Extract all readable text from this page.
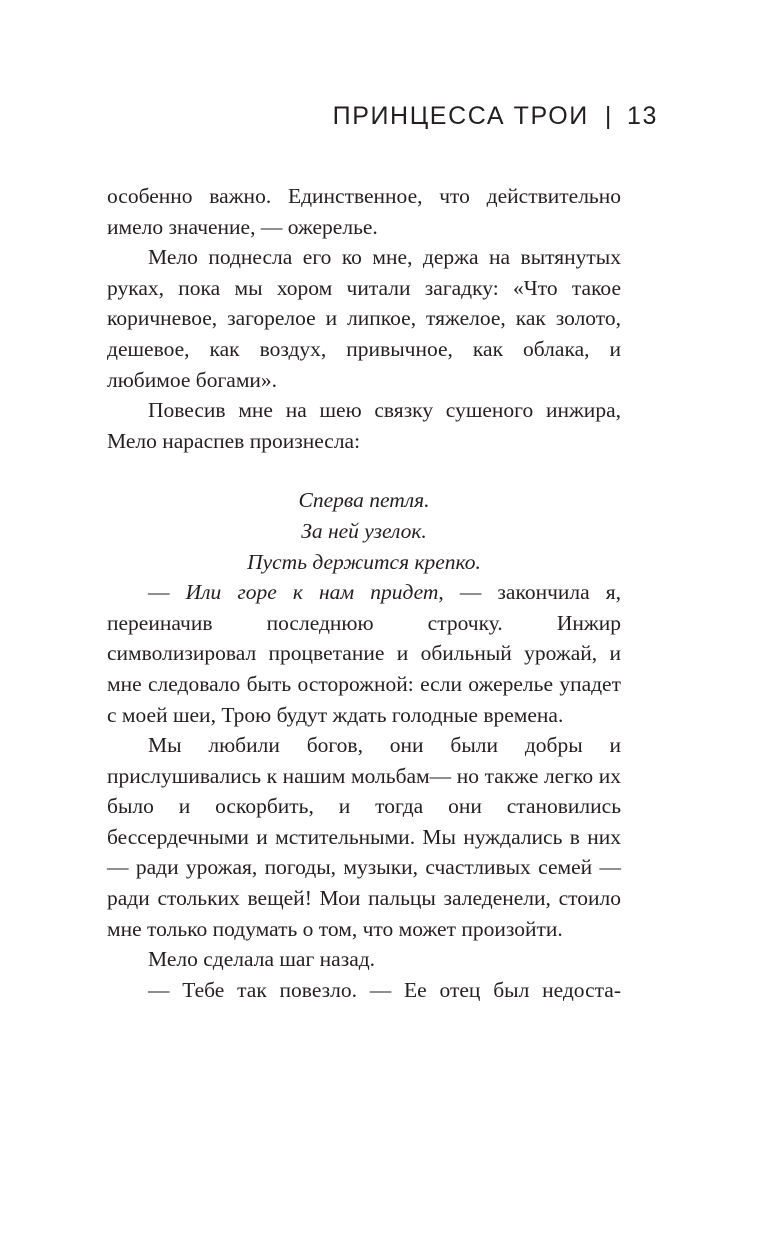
ПРИНЦЕССА ТРОИ | 13

особенно важно. Единственное, что действительно имело значение, — ожерелье.

Мело поднесла его ко мне, держа на вытянутых руках, пока мы хором читали загадку: «Что такое коричневое, загорелое и липкое, тяжелое, как золото, дешевое, как воздух, привычное, как облака, и любимое богами».

Повесив мне на шею связку сушеного инжира, Мело нараспев произнесла:

Сперва петля.
За ней узелок.
Пусть держится крепко.

— Или горе к нам придет, — закончила я, переиначив последнюю строчку. Инжир символизировал процветание и обильный урожай, и мне следовало быть осторожной: если ожерелье упадет с моей шеи, Трою будут ждать голодные времена.

Мы любили богов, они были добры и прислушивались к нашим мольбам— но также легко их было и оскорбить, и тогда они становились бессердечными и мстительными. Мы нуждались в них — ради урожая, погоды, музыки, счастливых семей — ради стольких вещей! Мои пальцы заледенели, стоило мне только подумать о том, что может произойти.

Мело сделала шаг назад.

— Тебе так повезло. — Ее отец был недоста-
